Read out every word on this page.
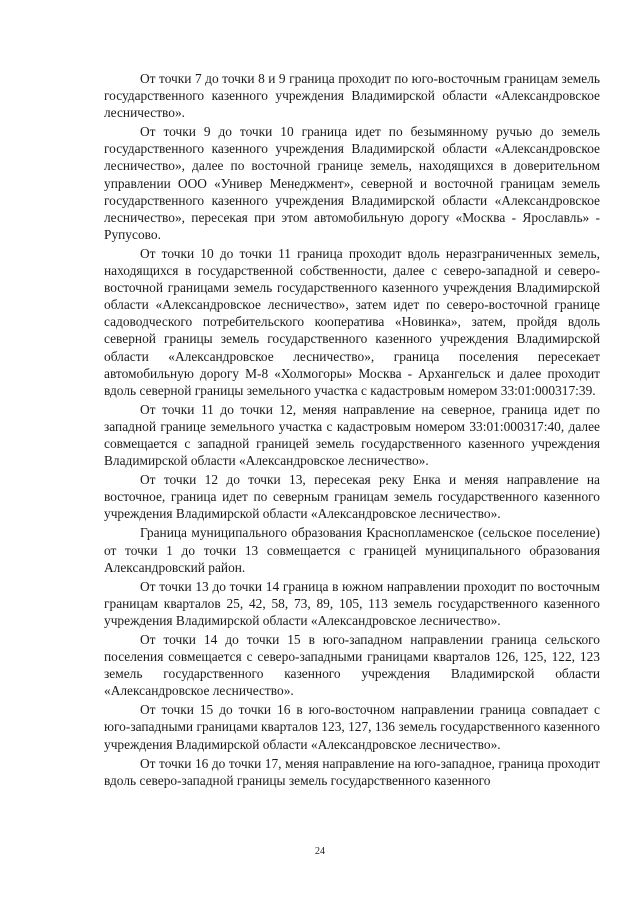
От точки 7 до точки 8 и 9 граница проходит по юго-восточным границам земель государственного казенного учреждения Владимирской области «Александровское лесничество».

От точки 9 до точки 10 граница идет по безымянному ручью до земель государственного казенного учреждения Владимирской области «Александровское лесничество», далее по восточной границе земель, находящихся в доверительном управлении ООО «Универ Менеджмент», северной и восточной границам земель государственного казенного учреждения Владимирской области «Александровское лесничество», пересекая при этом автомобильную дорогу «Москва - Ярославль» - Рупусово.

От точки 10 до точки 11 граница проходит вдоль неразграниченных земель, находящихся в государственной собственности, далее с северо-западной и северо-восточной границами земель государственного казенного учреждения Владимирской области «Александровское лесничество», затем идет по северо-восточной границе садоводческого потребительского кооператива «Новинка», затем, пройдя вдоль северной границы земель государственного казенного учреждения Владимирской области «Александровское лесничество», граница поселения пересекает автомобильную дорогу М-8 «Холмогоры» Москва - Архангельск и далее проходит вдоль северной границы земельного участка с кадастровым номером 33:01:000317:39.

От точки 11 до точки 12, меняя направление на северное, граница идет по западной границе земельного участка с кадастровым номером 33:01:000317:40, далее совмещается с западной границей земель государственного казенного учреждения Владимирской области «Александровское лесничество».

От точки 12 до точки 13, пересекая реку Енка и меняя направление на восточное, граница идет по северным границам земель государственного казенного учреждения Владимирской области «Александровское лесничество».

Граница муниципального образования Краснопламенское (сельское поселение) от точки 1 до точки 13 совмещается с границей муниципального образования Александровский район.

От точки 13 до точки 14 граница в южном направлении проходит по восточным границам кварталов 25, 42, 58, 73, 89, 105, 113 земель государственного казенного учреждения Владимирской области «Александровское лесничество».

От точки 14 до точки 15 в юго-западном направлении граница сельского поселения совмещается с северо-западными границами кварталов 126, 125, 122, 123 земель государственного казенного учреждения Владимирской области «Александровское лесничество».

От точки 15 до точки 16 в юго-восточном направлении граница совпадает с юго-западными границами кварталов 123, 127, 136 земель государственного казенного учреждения Владимирской области «Александровское лесничество».

От точки 16 до точки 17, меняя направление на юго-западное, граница проходит вдоль северо-западной границы земель государственного казенного

24
